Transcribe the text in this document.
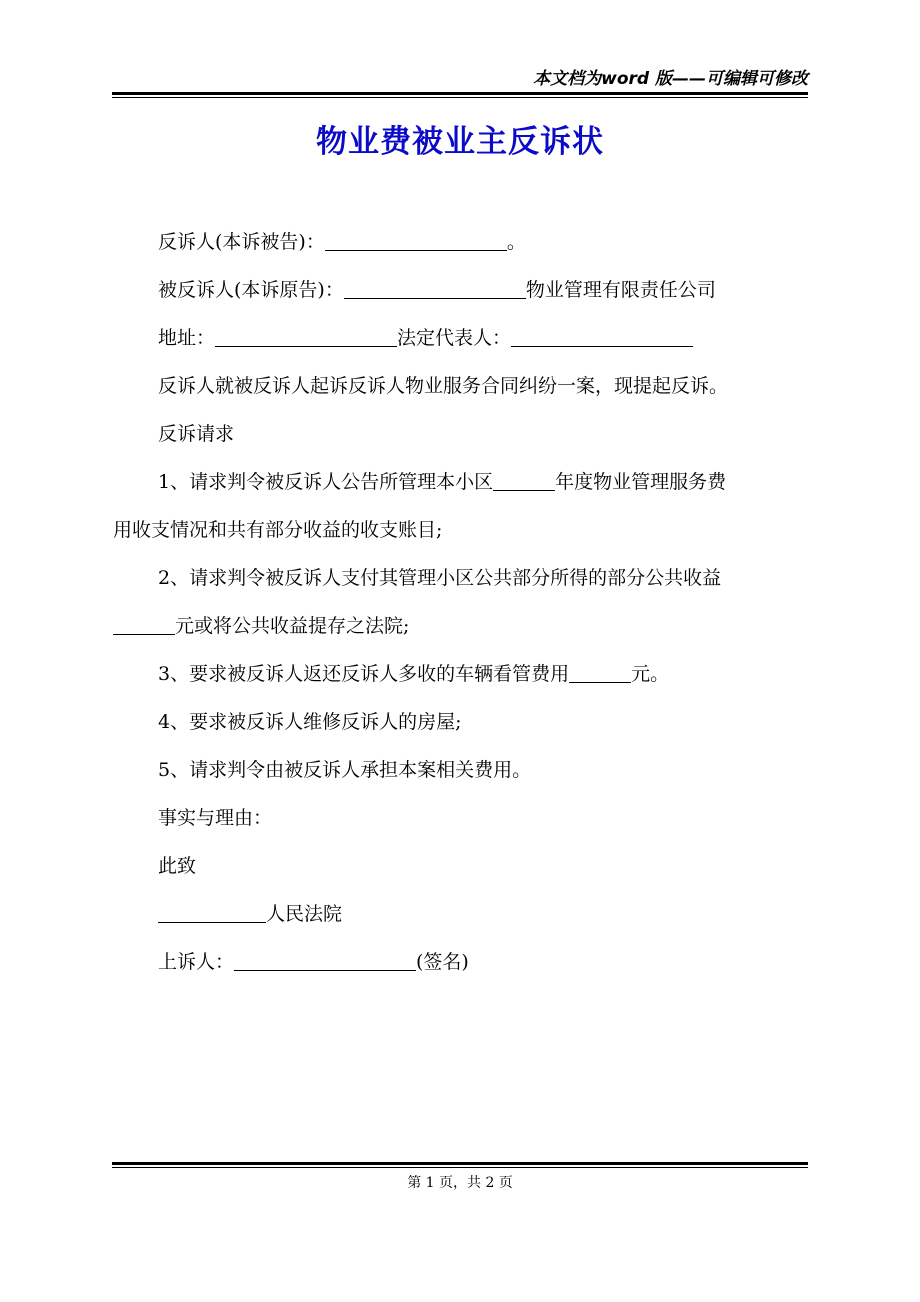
本文档为word 版——可编辑可修改
物业费被业主反诉状

反诉人(本诉被告)：	。

被反诉人(本诉原告)：	物业管理有限责任公司

地址：	法定代表人：

反诉人就被反诉人起诉反诉人物业服务合同纠纷一案，现提起反诉。

反诉请求

1、请求判令被反诉人公告所管理本小区	年度物业管理服务费

用收支情况和共有部分收益的收支账目;

2、请求判令被反诉人支付其管理小区公共部分所得的部分公共收益

元或将公共收益提存之法院;

3、要求被反诉人返还反诉人多收的车辆看管费用	元。

4、要求被反诉人维修反诉人的房屋;

5、请求判令由被反诉人承担本案相关费用。

事实与理由：

此致

人民法院

上诉人：	(签名)

第 1 页，共 2 页
